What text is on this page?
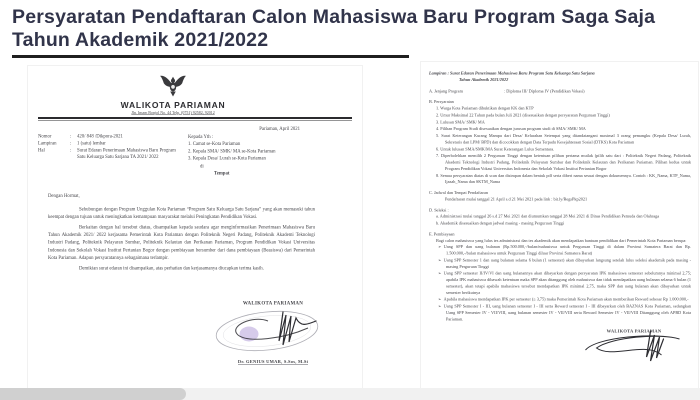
Persyaratan Pendaftaran Calon Mahasiswa Baru Program Saga Saja Tahun Akademik 2021/2022
WALIKOTA PARIAMAN
Jln. Imam Bonjol No. 44 Telp. (0751) 92582, 92012
Pariaman, April 2021
Nomor	: 420/ 848 /Dikpora-2021
Lampiran	: 1 (satu) lembar
Hal	: Surat Edaran Penerimaan Mahasiswa Baru Program Satu Keluarga Satu Sarjana TA 2021/ 2022
Kepada Yth :
1. Camat se-Kota Pariaman
2. Kepala SMA/ SMK/ MA se-Kota Pariaman
3. Kepala Desa/ Lurah se-Kota Pariaman
di
Tempat
Dengan Hormat,

Sehubungan dengan Program Unggulan Kota Pariaman “Program Satu Keluarga Satu Sarjana” yang akan memasuki tahun keempat dengan tujuan untuk meningkatkan kemampuan masyarakat melalui Peningkatan Pendidikan Vokasi.

Berkaitan dengan hal tersebut diatas, disampaikan kepada saudara agar menginformasikan Penerimaan Mahasiswa Baru Tahun Akademik 2021/ 2022 kerjasama Pemerintah Kota Pariaman dengan Politeknik Negeri Padang, Politeknik Akademi Teknologi Industri Padang, Politeknik Pelayaran Sumbar, Politeknik Kelautan dan Perikanan Pariaman, Program Pendidikan Vokasi Universitas Indonesia dan Sekolah Vokasi Institut Pertanian Bogor dengan pembiayaan bersumber dari dana pembiayaan (Beasiswa) dari Pemerintah Kota Pariaman. Adapun persyaratannya sebagaimana terlampir.

Demikian surat edaran ini disampaikan, atas perhatian dan kerjasamanya diucapkan terima kasih.

WALIKOTA PARIAMAN
Dr. GENIUS UMAR, S.Sos, M.Si
Lampiran : Surat Edaran Penerimaan Mahasiswa Baru Program Satu Keluarga Satu Sarjana
Tahun Akademik 2021/2022
A. Jenjang Program	: Diploma III/ Diploma IV (Pendidikan Vokasi)
B. Persyaratan
1. Warga Kota Pariaman dibuktikan dengan KK dan KTP
2. Umur Maksimal 22 Tahun pada bulan Juli 2021 (disesuaikan dengan persyaratan Perguruan Tinggi)
3. Lulusan SMA/ SMK/ MA
4. Pilihan Program Studi disesuaikan dengan jurusan program studi di SMA/ SMK/ MA
5. Surat Keterangan Kurang Mampu dari Desa/ Kelurahan Setempat yang ditandatangani maximal 3 orang pemangku (Kepala Desa/ Lurah, Sekretaris dan LPM/ BPD) dan dicocokkan dengan Data Terpadu Kesejahteraan Sosial (DTKS) Kota Pariaman
6. Untuk lulusan SMA/SMK/MA Surat Keterangan Lulus Sementara.
7. Diperbolehkan memilih 2 Perguruan Tinggi dengan ketentuan pilihan pertama mutlak (pilih satu dari : Politeknik Negeri Padang, Politeknik Akademi Teknologi Industri Padang, Politeknik Pelayaran Sumbar dan Politeknik Kelautan dan Perikanan Pariaman. Pilihan kedua untuk Program Pendidikan Vokasi Universitas Indonesia dan Sekolah Vokasi Institut Pertanian Bogor
8. Semua persyaratan diatas di scan dan disimpan dalam bentuk pdf serta diberi nama sesuai dengan dokumennya. Contoh : KK_Nama, KTP_Nama, Ijazah_Nama dan SKTM_Nama
C. Jadwal dan Tempat Pendaftaran
Pendaftaran mulai tanggal 21 April s.d 21 Mei 2021 pada link : bit.ly/RegsPkp2021
D. Seleksi :
a. Administrasi mulai tanggal 26 s.d 27 Mei 2021 dan diumumkan tanggal 28 Mei 2021 di Dinas Pendidikan Pemuda dan Olahraga
b. Akademik disesuaikan dengan jadwal masing - masing Perguruan Tinggi
E. Pembiayaan
Bagi calon mahasiswa yang lulus tes administrasi dan tes akademik akan mendapatkan bantuan pendidikan dari Pemerintah Kota Pariaman berupa:
➢ Uang SPP dan uang bulanan (Rp.500.000,-/bulan/mahasiswa untuk Perguruan Tinggi di dalam Provinsi Sumatera Barat dan Rp. 1.500.000,-/bulan mahasiswa untuk Perguruan Tinggi diluar Provinsi Sumatera Barat)
➢ Uang SPP Semester 1 dan uang bulanan selama 6 bulan (1 semester) akan dibayarkan langsung setelah lulus seleksi akademik pada masing - masing Perguruan Tinggi
➢ Uang SPP semester II/IV/VI dan uang bulanannya akan dibayarkan dengan persyaratan IPK mahasiswa semester sebelumnya minimal 2,75; apabila IPK mahasiswa dibawah ketentuan maka SPP akan ditanggung oleh mahasiswa dan tidak mendapatkan uang bulanan selama 6 bulan (1 semester), akan tetapi apabila mahasiswa tersebut mendapatkan IPK minimal 2,75, maka SPP dan uang bulanan akan dibayarkan untuk semester berikutnya
➢ Apabila mahasiswa mendapatkan IPK per semester (≥ 3,75) maka Pemerintah Kota Pariaman akan memberikan Reward sebesar Rp 1.000.000,-
➢ Uang SPP Semester I - III, uang bulanan semester I - III serta Reward semester I - III dibayarkan oleh BAZNAS Kota Pariaman, sedangkan Uang SPP Semester IV - VII/VIII, uang bulanan semester IV - VII/VIII serta Reward Semester IV - VII/VIII Ditanggung oleh APBD Kota Pariaman.
WALIKOTA PARIAMAN
